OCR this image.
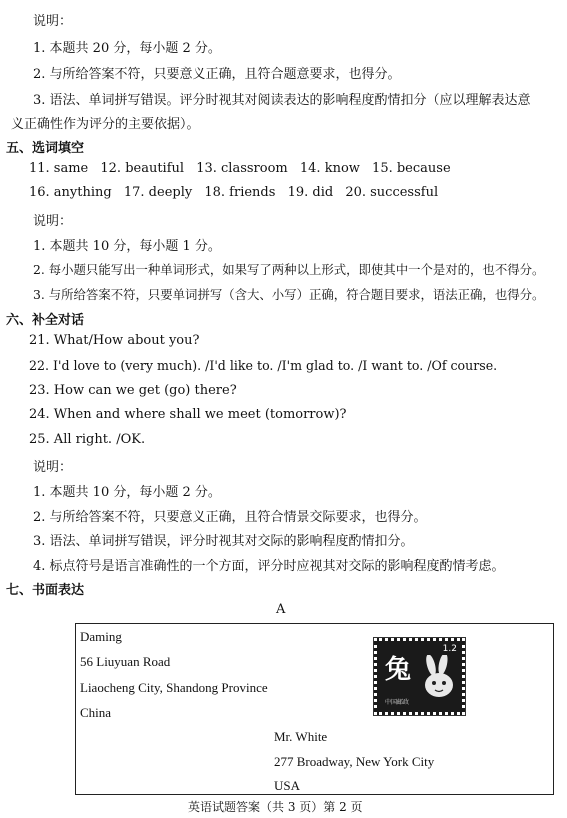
说明：
1. 本题共 20 分，每小题 2 分。
2. 与所给答案不符，只要意义正确，且符合题意要求，也得分。
3. 语法、单词拼写错误。评分时视其对阅读表达的影响程度酌情扣分（应以理解表达意
义正确性作为评分的主要依据）。
五、选词填空
11. same 12. beautiful 13. classroom 14. know 15. because
16. anything 17. deeply 18. friends 19. did 20. successful
说明：
1. 本题共 10 分，每小题 1 分。
2. 每小题只能写出一种单词形式，如果写了两种以上形式，即使其中一个是对的，也不得分。
3. 与所给答案不符，只要单词拼写（含大、小写）正确，符合题目要求，语法正确，也得分。
六、补全对话
21. What/How about you?
22. I'd love to (very much). /I'd like to. /I'm glad to. /I want to. /Of course.
23. How can we get (go) there?
24. When and where shall we meet (tomorrow)?
25. All right. /OK.
说明：
1. 本题共 10 分，每小题 2 分。
2. 与所给答案不符，只要意义正确，且符合情景交际要求，也得分。
3. 语法、单词拼写错误，评分时视其对交际的影响程度酌情扣分。
4. 标点符号是语言准确性的一个方面，评分时应视其对交际的影响程度酌情考虑。
七、书面表达
A
Daming
56 Liuyuan Road
Liaocheng City, Shandong Province
China
兔
1.2
中国邮政
Mr. White
277 Broadway, New York City
USA
英语试题答案（共 3 页）第 2 页
